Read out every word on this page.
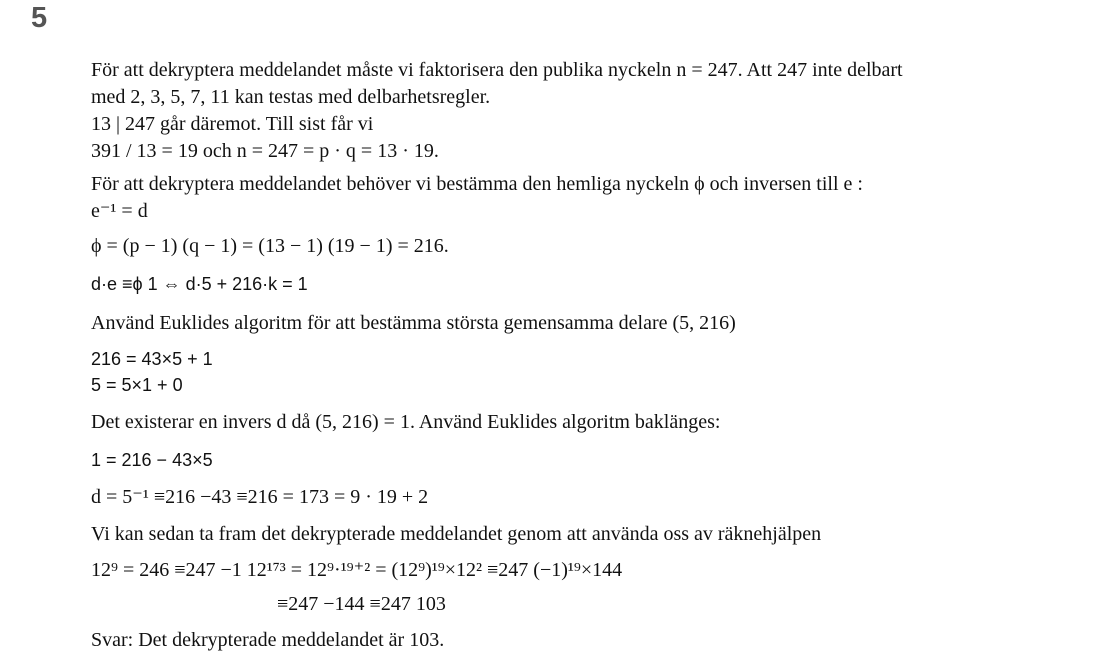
5
För att dekryptera meddelandet måste vi faktorisera den publika nyckeln n = 247. Att 247 inte delbart
med 2, 3, 5, 7, 11 kan testas med delbarhetsregler.
13 | 247 går däremot. Till sist får vi
391 / 13 = 19 och n = 247 = p · q = 13 · 19.
För att dekryptera meddelandet behöver vi bestämma den hemliga nyckeln ϕ och inversen till e :
e⁻¹ = d
ϕ = (p − 1) (q − 1) = (13 − 1) (19 − 1) = 216.
d·e ≡ϕ 1 ⇔ d·5 + 216·k = 1
Använd Euklides algoritm för att bestämma största gemensamma delare (5, 216)
216 = 43×5 + 1
5 = 5×1 + 0
Det existerar en invers d då (5, 216) = 1. Använd Euklides algoritm baklänges:
1 = 216 − 43×5
d = 5⁻¹ ≡216 −43 ≡216 = 173 = 9 · 19 + 2
Vi kan sedan ta fram det dekrypterade meddelandet genom att använda oss av räknehjälpen
12⁹ = 246 ≡247 −1 12¹⁷³ = 12⁹·¹⁹⁺² = (12⁹)¹⁹×12² ≡247 (−1)¹⁹×144
≡247 −144 ≡247 103
Svar: Det dekrypterade meddelandet är 103.
